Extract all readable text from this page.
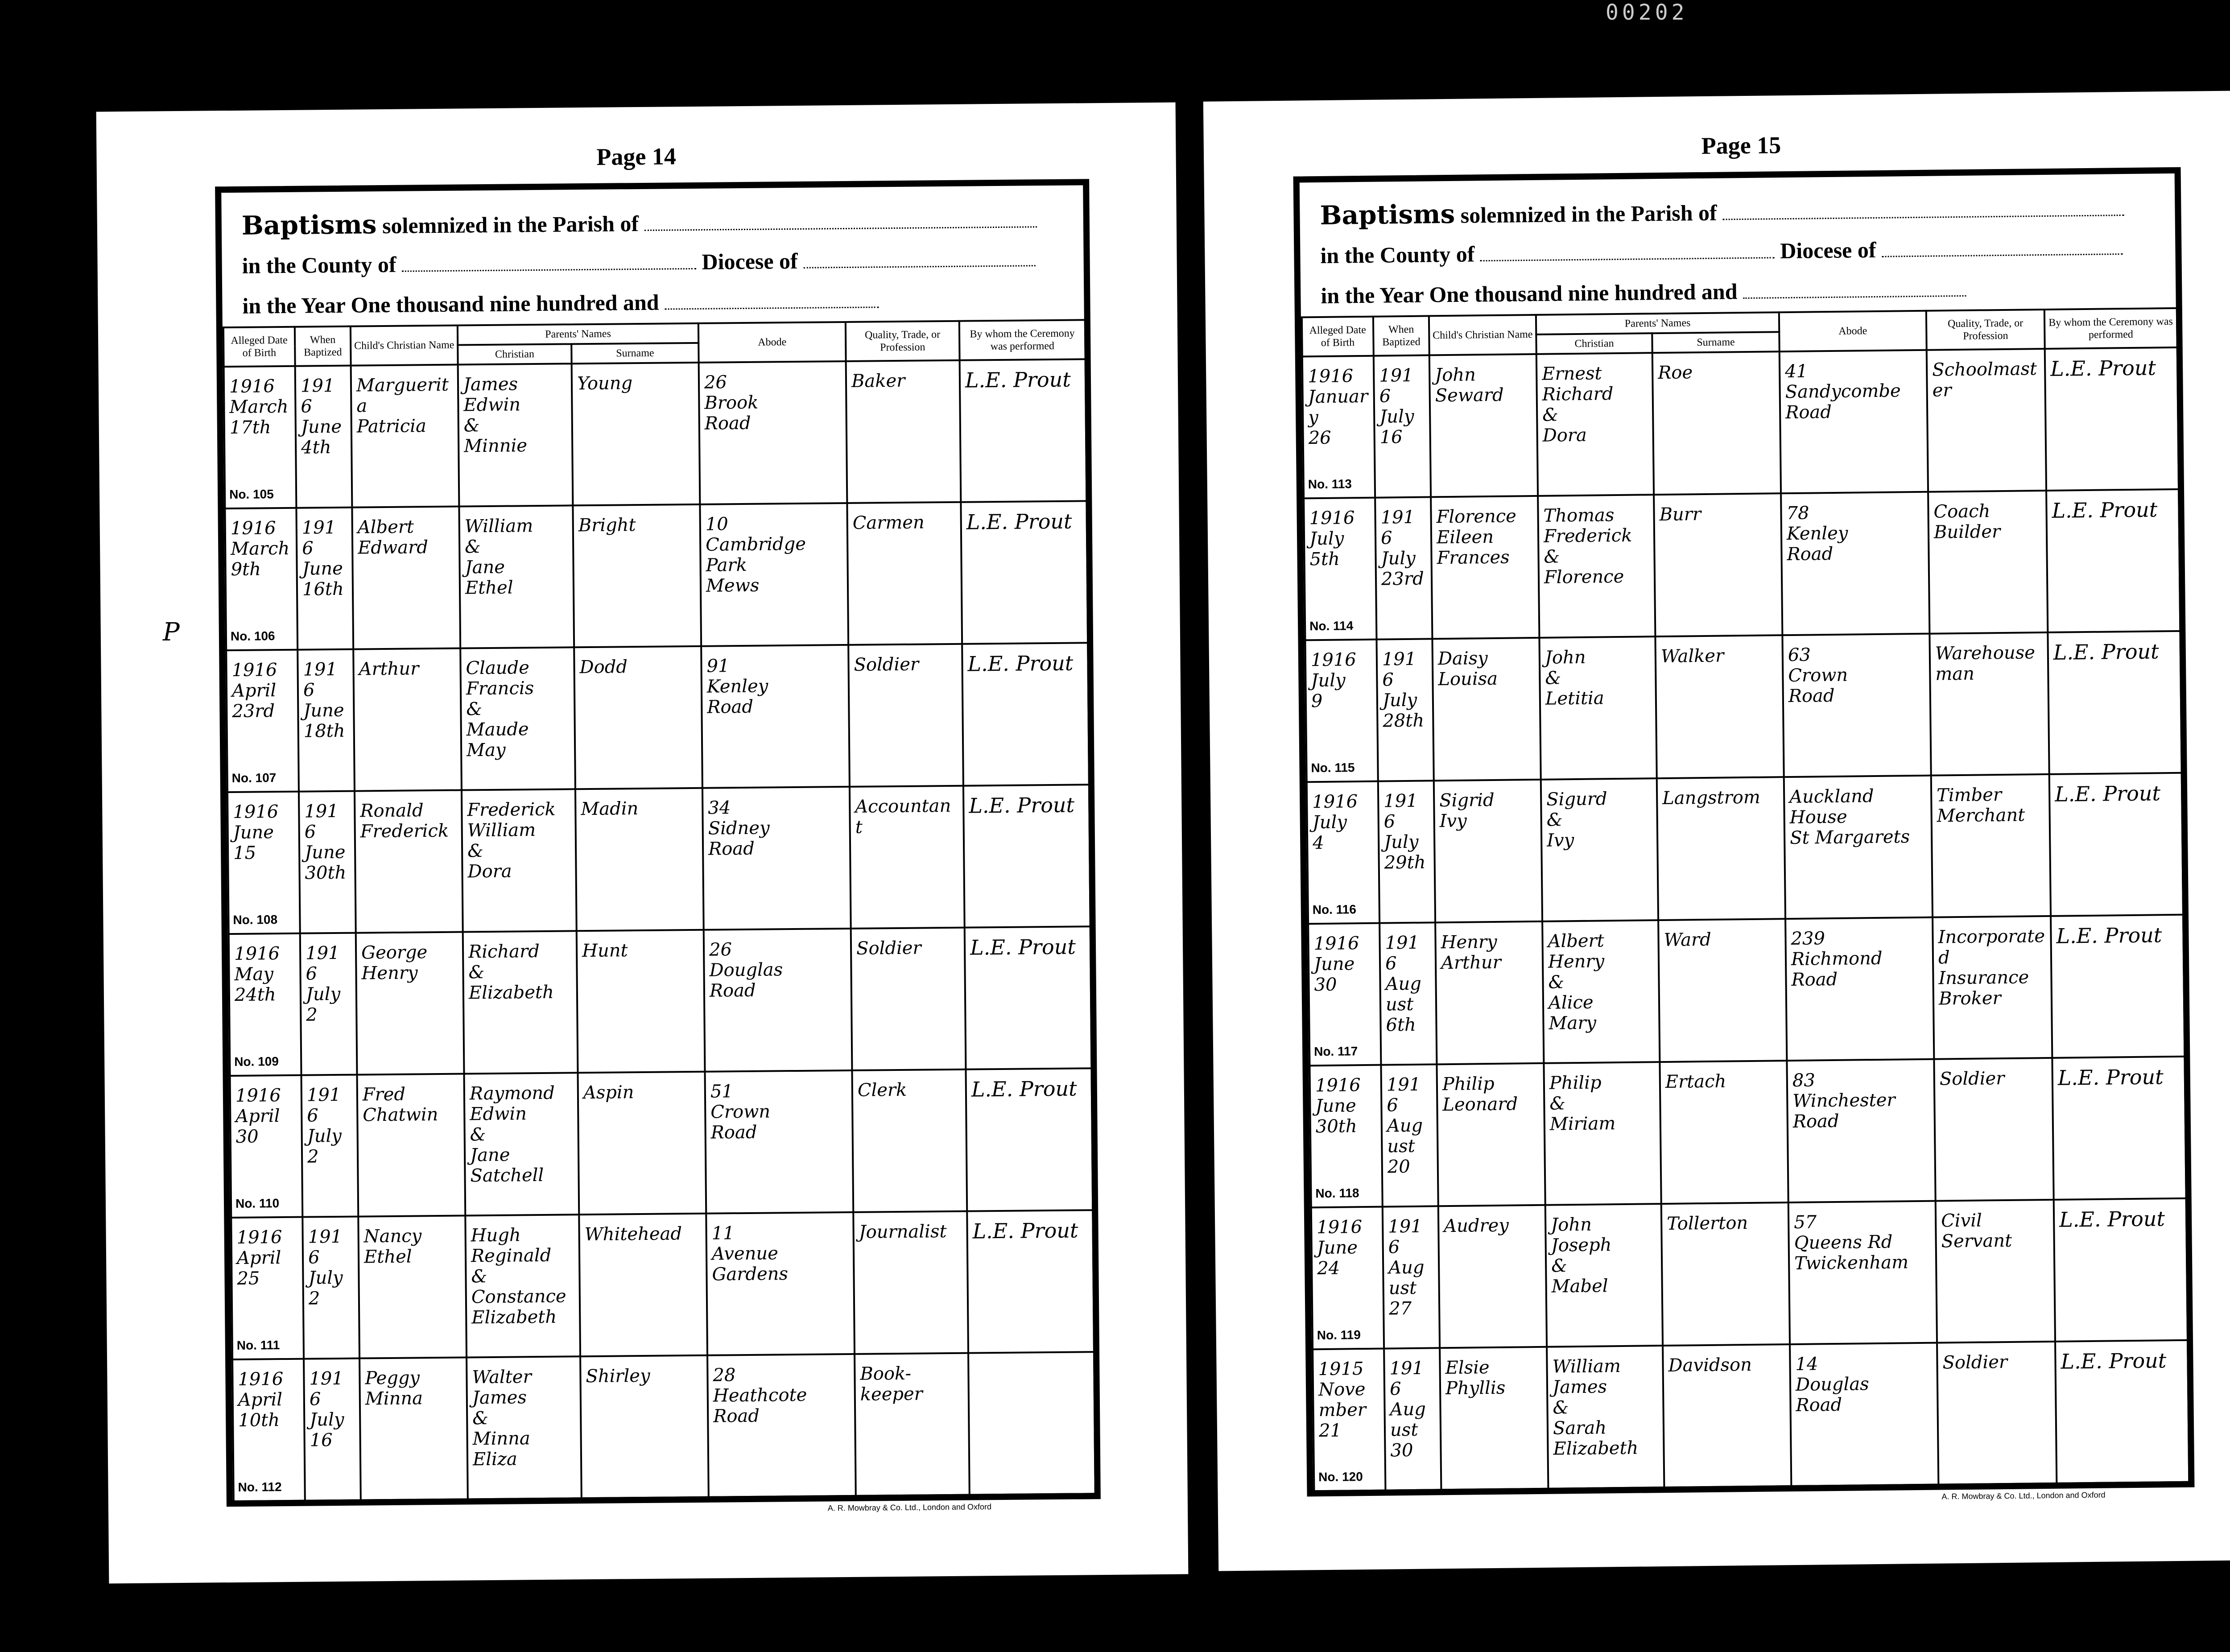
00202
Page 14
Baptisms solemnized in the Parish of
in the County of	Diocese of
in the Year One thousand nine hundred and
Alleged Date of Birth	When Baptized	Child's Christian Name	Parents' Names		Abode	Quality, Trade, or Profession	By whom the Ceremony was performed
			Christian	Surname			

1916
March
17th
No. 105	1916
June
4th	Marguerita
Patricia	James
Edwin
&
Minnie	Young	26
Brook
Road	Baker	L.E. Prout

1916
March
9th
No. 106	1916
June
16th	Albert
Edward	William
&
Jane
Ethel	Bright	10
Cambridge
Park
Mews	Carmen	L.E. Prout

1916
April
23rd
No. 107	1916
June
18th	Arthur	Claude
Francis
&
Maude
May	Dodd	91
Kenley
Road	Soldier	L.E. Prout

1916
June
15
No. 108	1916
June
30th	Ronald
Frederick	Frederick
William
&
Dora	Madin	34
Sidney
Road	Accountant	L.E. Prout

1916
May
24th
No. 109	1916
July
2	George
Henry	Richard
&
Elizabeth	Hunt	26
Douglas
Road	Soldier	L.E. Prout

1916
April
30
No. 110	1916
July
2	Fred
Chatwin	Raymond
Edwin
&
Jane
Satchell	Aspin	51
Crown
Road	Clerk	L.E. Prout

1916
April
25
No. 111	1916
July
2	Nancy
Ethel	Hugh
Reginald
&
Constance
Elizabeth	Whitehead	11
Avenue
Gardens	Journalist	L.E. Prout

1916
April
10th
No. 112	1916
July
16	Peggy
Minna	Walter
James
&
Minna
Eliza	Shirley	28
Heathcote
Road	Book-
keeper	

A. R. Mowbray & Co. Ltd., London and Oxford
Page 15
Baptisms solemnized in the Parish of
in the County of	Diocese of
in the Year One thousand nine hundred and
Alleged Date of Birth	When Baptized	Child's Christian Name	Parents' Names		Abode	Quality, Trade, or Profession	By whom the Ceremony was performed
			Christian	Surname			

1916
January
26
No. 113	1916
July
16	John
Seward	Ernest
Richard
&
Dora	Roe	41
Sandycombe
Road	Schoolmaster	L.E. Prout

1916
July
5th
No. 114	1916
July
23rd	Florence
Eileen
Frances	Thomas
Frederick
&
Florence	Burr	78
Kenley
Road	Coach
Builder	L.E. Prout

1916
July
9
No. 115	1916
July
28th	Daisy
Louisa	John
&
Letitia	Walker	63
Crown
Road	Warehouseman	L.E. Prout

1916
July
4
No. 116	1916
July
29th	Sigrid
Ivy	Sigurd
&
Ivy	Langstrom	Auckland
House
St Margarets	Timber
Merchant	L.E. Prout

1916
June
30
No. 117	1916
August
6th	Henry
Arthur	Albert
Henry
&
Alice
Mary	Ward	239
Richmond
Road	Incorporated
Insurance
Broker	L.E. Prout

1916
June
30th
No. 118	1916
August
20	Philip
Leonard	Philip
&
Miriam	Ertach	83
Winchester
Road	Soldier	L.E. Prout

1916
June
24
No. 119	1916
August
27	Audrey	John
Joseph
&
Mabel	Tollerton	57
Queens Rd
Twickenham	Civil
Servant	L.E. Prout

1915
November
21
No. 120	1916
August
30	Elsie
Phyllis	William
James
&
Sarah
Elizabeth	Davidson	14
Douglas
Road	Soldier	L.E. Prout
A. R. Mowbray & Co. Ltd., London and Oxford
P
